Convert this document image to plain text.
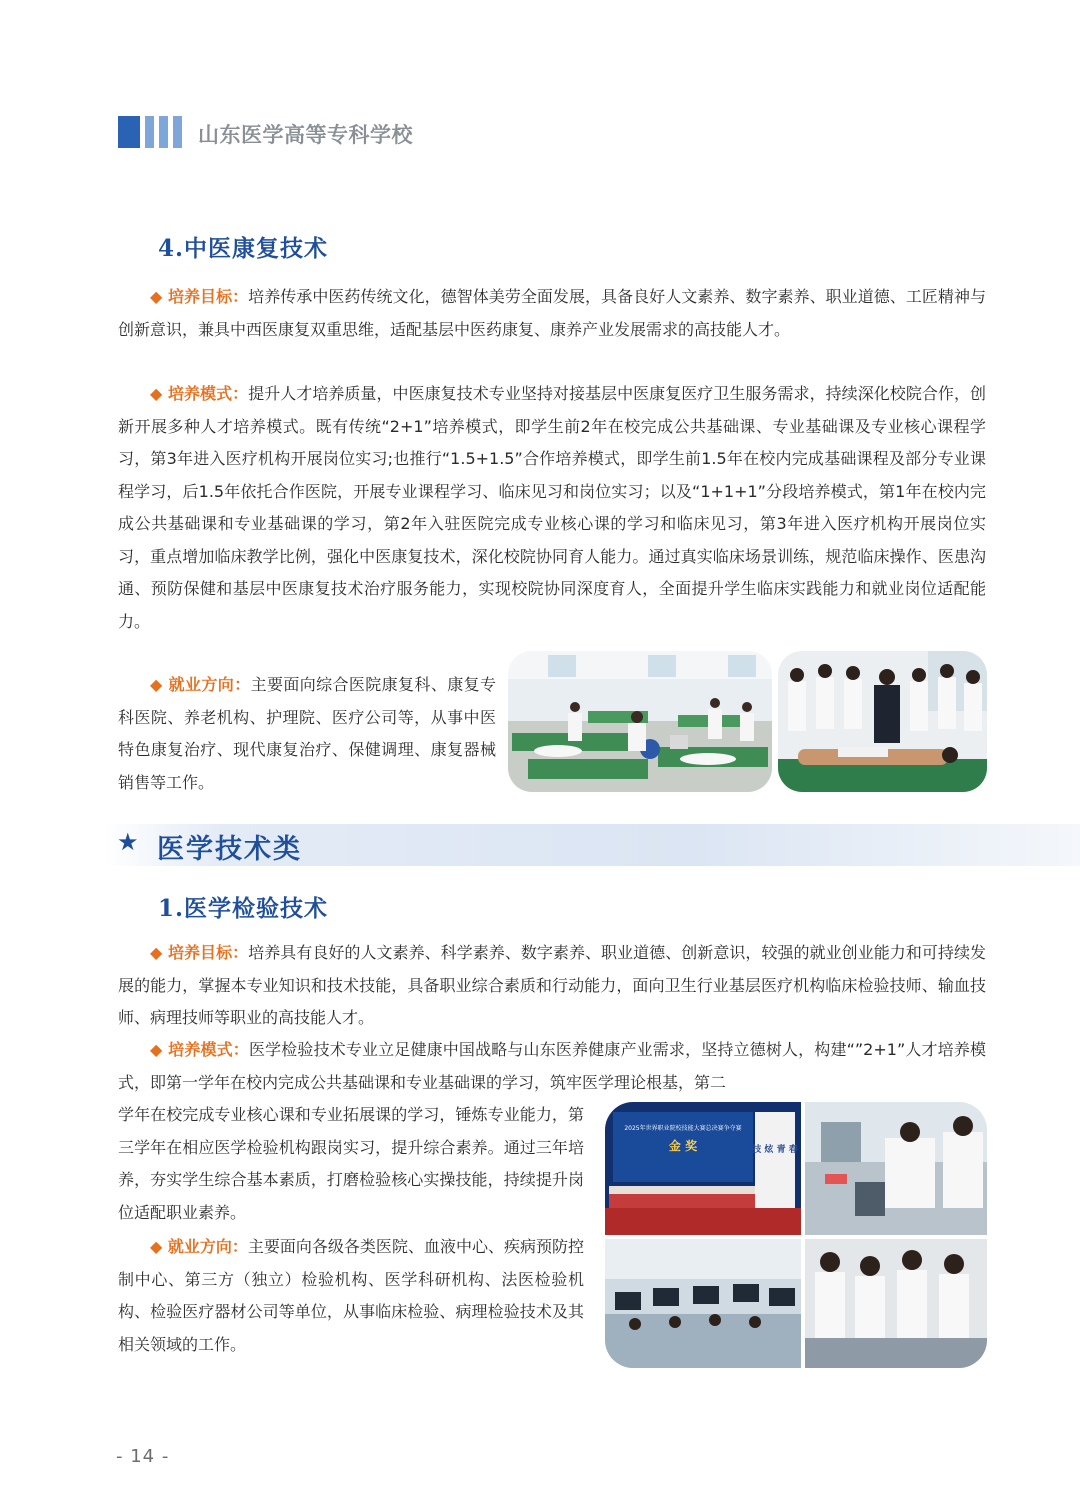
山东医学高等专科学校
4.中医康复技术

◆ 培养目标：培养传承中医药传统文化，德智体美劳全面发展，具备良好人文素养、数字素养、职业道德、工匠精神与创新意识，兼具中西医康复双重思维，适配基层中医药康复、康养产业发展需求的高技能人才。

◆ 培养模式：提升人才培养质量，中医康复技术专业坚持对接基层中医康复医疗卫生服务需求，持续深化校院合作，创新开展多种人才培养模式。既有传统“2+1”培养模式，即学生前2年在校完成公共基础课、专业基础课及专业核心课程学习，第3年进入医疗机构开展岗位实习;也推行“1.5+1.5”合作培养模式，即学生前1.5年在校内完成基础课程及部分专业课程学习，后1.5年依托合作医院，开展专业课程学习、临床见习和岗位实习；以及“1+1+1”分段培养模式，第1年在校内完成公共基础课和专业基础课的学习，第2年入驻医院完成专业核心课的学习和临床见习，第3年进入医疗机构开展岗位实习，重点增加临床教学比例，强化中医康复技术，深化校院协同育人能力。通过真实临床场景训练，规范临床操作、医患沟通、预防保健和基层中医康复技术治疗服务能力，实现校院协同深度育人，全面提升学生临床实践能力和就业岗位适配能力。

◆ 就业方向：主要面向综合医院康复科、康复专科医院、养老机构、护理院、医疗公司等，从事中医特色康复治疗、现代康复治疗、保健调理、康复器械销售等工作。

★ 医学技术类
1.医学检验技术

◆ 培养目标：培养具有良好的人文素养、科学素养、数字素养、职业道德、创新意识，较强的就业创业能力和可持续发展的能力，掌握本专业知识和技术技能，具备职业综合素质和行动能力，面向卫生行业基层医疗机构临床检验技师、输血技师、病理技师等职业的高技能人才。

◆ 培养模式：医学检验技术专业立足健康中国战略与山东医养健康产业需求，坚持立德树人，构建“”2+1”人才培养模式，即第一学年在校内完成公共基础课和专业基础课的学习，筑牢医学理论根基，第二

学年在校完成专业核心课和专业拓展课的学习，锤炼专业能力，第三学年在相应医学检验机构跟岗实习，提升综合素养。通过三年培养，夯实学生综合基本素质，打磨检验核心实操技能，持续提升岗位适配职业素养。

◆ 就业方向：主要面向各级各类医院、血液中心、疾病预防控制中心、第三方（独立）检验机构、医学科研机构、法医检验机构、检验医疗器材公司等单位，从事临床检验、病理检验技术及其相关领域的工作。

2025年世界职业院校技能大赛总决赛争夺赛
金 奖	技 炫 青 春
- 14 -
